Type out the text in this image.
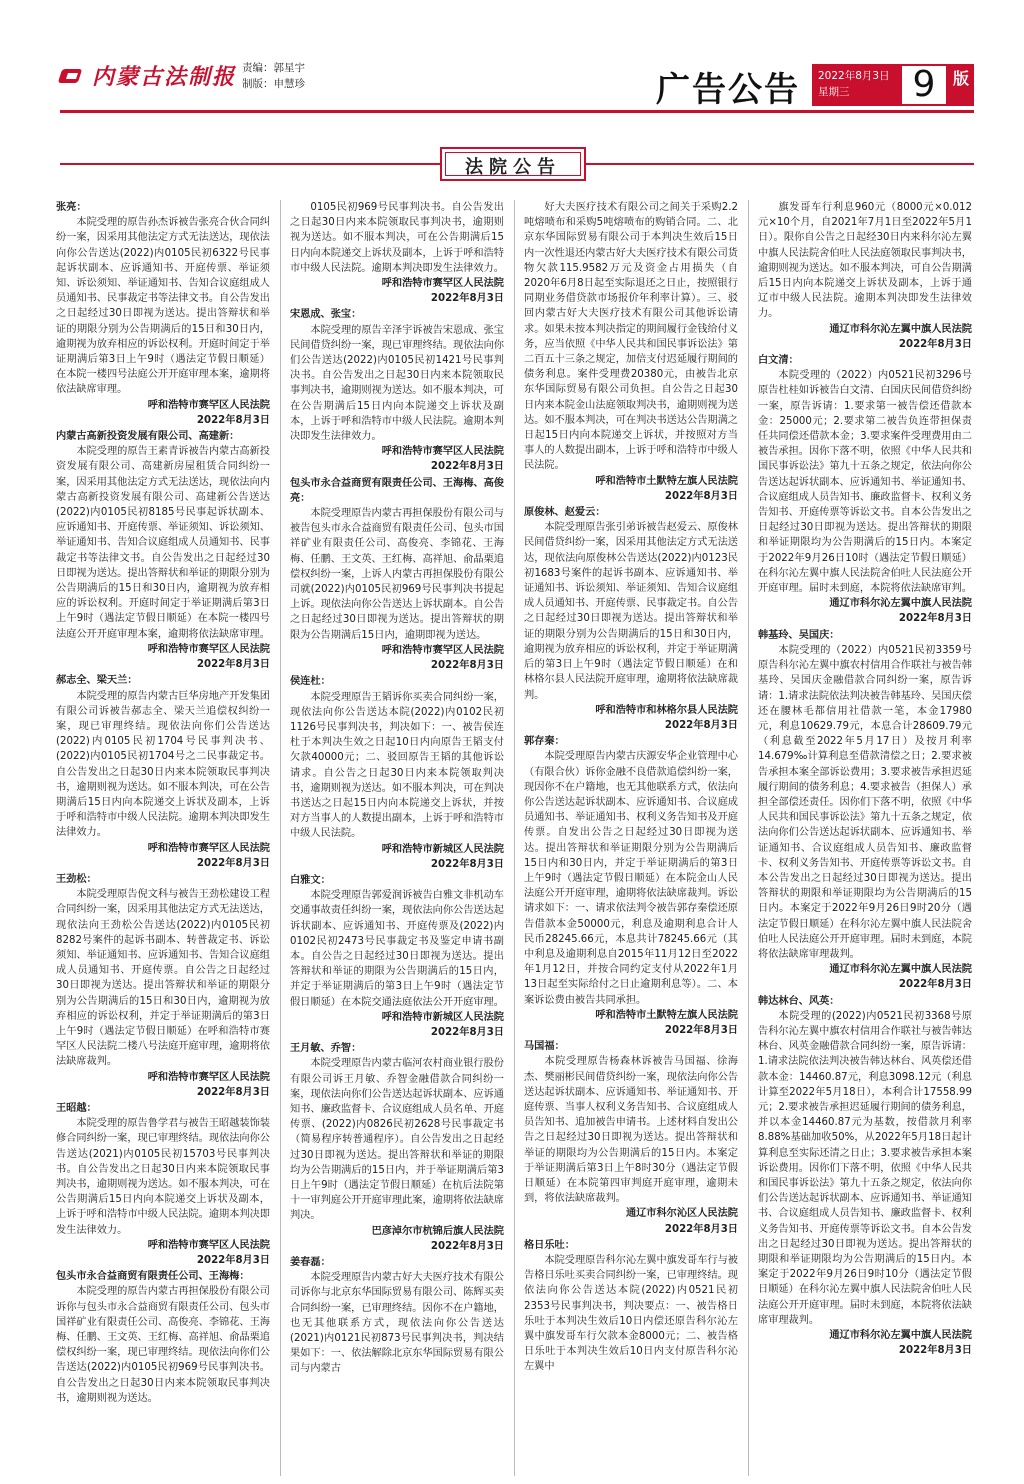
内蒙古法制报 责编：郭星宇
制版：申慧珍	广告公告 2022年8月3日
星期三	9	版
法院公告
张亮：
本院受理的原告孙杰诉被告张亮合伙合同纠纷一案，因采用其他法定方式无法送达，现依法向你公告送达(2022)内0105民初6322号民事起诉状副本、应诉通知书、开庭传票、举证须知、诉讼须知、举证通知书、告知合议庭组成人员通知书、民事裁定书等法律文书。自公告发出之日起经过30日即视为送达。提出答辩状和举证的期限分别为公告期满后的15日和30日内，逾期视为放弃相应的诉讼权利。开庭时间定于举证期满后第3日上午9时（遇法定节假日顺延）在本院一楼四号法庭公开开庭审理本案，逾期将依法缺席审理。
呼和浩特市赛罕区人民法院
2022年8月3日
内蒙古高新投资发展有限公司、高建新：
本院受理的原告王素青诉被告内蒙古高新投资发展有限公司、高建新房屋租赁合同纠纷一案，因采用其他法定方式无法送达，现依法向内蒙古高新投资发展有限公司、高建新公告送达(2022)内0105民初8185号民事起诉状副本、应诉通知书、开庭传票、举证须知、诉讼须知、举证通知书、告知合议庭组成人员通知书、民事裁定书等法律文书。自公告发出之日起经过30日即视为送达。提出答辩状和举证的期限分别为公告期满后的15日和30日内，逾期视为放弃相应的诉讼权利。开庭时间定于举证期满后第3日上午9时（遇法定节假日顺延）在本院一楼四号法庭公开开庭审理本案，逾期将依法缺席审理。
呼和浩特市赛罕区人民法院
2022年8月3日
郝志全、梁天兰：
本院受理的原告内蒙古巨华房地产开发集团有限公司诉被告郝志全、梁天兰追偿权纠纷一案，现已审理终结。现依法向你们公告送达(2022)内0105民初1704号民事判决书、(2022)内0105民初1704号之二民事裁定书。自公告发出之日起30日内来本院领取民事判决书，逾期则视为送达。如不服本判决，可在公告期满后15日内向本院递交上诉状及副本，上诉于呼和浩特市中级人民法院。逾期本判决即发生法律效力。
呼和浩特市赛罕区人民法院
2022年8月3日
王劲松：
本院受理原告倪文科与被告王劲松建设工程合同纠纷一案，因采用其他法定方式无法送达，现依法向王劲松公告送达(2022)内0105民初8282号案件的起诉书副本、转普裁定书、诉讼须知、举证通知书、应诉通知书、告知合议庭组成人员通知书、开庭传票。自公告之日起经过30日即视为送达。提出答辩状和举证的期限分别为公告期满后的15日和30日内，逾期视为放弃相应的诉讼权利，并定于举证期满后的第3日上午9时（遇法定节假日顺延）在呼和浩特市赛罕区人民法院二楼八号法庭开庭审理，逾期将依法缺席裁判。
呼和浩特市赛罕区人民法院
2022年8月3日
王昭越：
本院受理的原告鲁学君与被告王昭越装饰装修合同纠纷一案，现已审理终结。现依法向你公告送达(2021)内0105民初15703号民事判决书。自公告发出之日起30日内来本院领取民事判决书，逾期则视为送达。如不服本判决，可在公告期满后15日内向本院递交上诉状及副本，上诉于呼和浩特市中级人民法院。逾期本判决即发生法律效力。
呼和浩特市赛罕区人民法院
2022年8月3日
包头市永合益商贸有限责任公司、王海梅：
本院受理的原告内蒙古再担保股份有限公司诉你与包头市永合益商贸有限责任公司、包头市国祥矿业有限责任公司、高俊亮、李锦花、王海梅、任鹏、王文英、王红梅、高祥旭、俞晶栗追偿权纠纷一案，现已审理终结。现依法向你们公告送达(2022)内0105民初969号民事判决书。自公告发出之日起30日内来本院领取民事判决书，逾期则视为送达。
0105民初969号民事判决书。自公告发出之日起30日内来本院领取民事判决书，逾期则视为送达。如不服本判决，可在公告期满后15日内向本院递交上诉状及副本，上诉于呼和浩特市中级人民法院。逾期本判决即发生法律效力。
呼和浩特市赛罕区人民法院
2022年8月3日
宋恩成、张宝：
本院受理的原告辛泽宇诉被告宋恩成、张宝民间借贷纠纷一案，现已审理终结。现依法向你们公告送达(2022)内0105民初1421号民事判决书。自公告发出之日起30日内来本院领取民事判决书，逾期则视为送达。如不服本判决，可在公告期满后15日内向本院递交上诉状及副本，上诉于呼和浩特市中级人民法院。逾期本判决即发生法律效力。
呼和浩特市赛罕区人民法院
2022年8月3日
包头市永合益商贸有限责任公司、王海梅、高俊亮：
本院受理原告内蒙古再担保股份有限公司与被告包头市永合益商贸有限责任公司、包头市国祥矿业有限责任公司、高俊亮、李锦花、王海梅、任鹏、王文英、王红梅、高祥旭、俞晶栗追偿权纠纷一案，上诉人内蒙古再担保股份有限公司就(2022)内0105民初969号民事判决书提起上诉。现依法向你公告送达上诉状副本。自公告之日起经过30日即视为送达。提出答辩状的期限为公告期满后15日内，逾期即视为送达。
呼和浩特市赛罕区人民法院
2022年8月3日
侯连杜：
本院受理原告王韬诉你买卖合同纠纷一案，现依法向你公告送达本院(2022)内0102民初1126号民事判决书，判决如下：一、被告侯连杜于本判决生效之日起10日内向原告王韬支付欠款40000元；二、驳回原告王韬的其他诉讼请求。自公告之日起30日内来本院领取判决书，逾期则视为送达。如不服本判决，可在判决书送达之日起15日内向本院递交上诉状，并按对方当事人的人数提出副本，上诉于呼和浩特市中级人民法院。
呼和浩特市新城区人民法院
2022年8月3日
白雅文：
本院受理原告郭爱润诉被告白雅文非机动车交通事故责任纠纷一案，现依法向你公告送达起诉状副本、应诉通知书、开庭传票及(2022)内0102民初2473号民事裁定书及鉴定申请书副本。自公告之日起经过30日即视为送达。提出答辩状和举证的期限为公告期满后的15日内，并定于举证期满后的第3日上午9时（遇法定节假日顺延）在本院交通法庭依法公开开庭审理。
呼和浩特市新城区人民法院
2022年8月3日
王月敏、乔智：
本院受理原告内蒙古临河农村商业银行股份有限公司诉王月敏、乔智金融借款合同纠纷一案，现依法向你们公告送达起诉状副本、应诉通知书、廉政监督卡、合议庭组成人员名单、开庭传票、(2022)内0826民初2628号民事裁定书（简易程序转普通程序）。自公告发出之日起经过30日即视为送达。提出答辩状和举证的期限均为公告期满后的15日内，并于举证期满后第3日上午9时（遇法定节假日顺延）在杭后法院第十一审判庭公开开庭审理此案，逾期将依法缺席判决。
巴彦淖尔市杭锦后旗人民法院
2022年8月3日
姜春磊：
本院受理原告内蒙古好大夫医疗技术有限公司诉你与北京东华国际贸易有限公司、陈辉买卖合同纠纷一案，已审理终结。因你不在户籍地，也无其他联系方式，现依法向你公告送达(2021)内0121民初873号民事判决书，判决结果如下：一、依法解除北京东华国际贸易有限公司与内蒙古
好大夫医疗技术有限公司之间关于采购2.2吨熔喷布和采购5吨熔喷布的购销合同。二、北京东华国际贸易有限公司于本判决生效后15日内一次性退还内蒙古好大夫医疗技术有限公司货物欠款115.9582万元及资金占用损失（自2020年6月8日起至实际退还之日止，按照银行同期业务借贷款市场报价年利率计算）。三、驳回内蒙古好大夫医疗技术有限公司其他诉讼请求。如果未按本判决指定的期间履行金钱给付义务，应当依照《中华人民共和国民事诉讼法》第二百五十三条之规定，加倍支付迟延履行期间的债务利息。案件受理费20380元，由被告北京东华国际贸易有限公司负担。自公告之日起30日内来本院金山法庭领取判决书，逾期则视为送达。如不服本判决，可在判决书送达公告期满之日起15日内向本院递交上诉状，并按照对方当事人的人数提出副本，上诉于呼和浩特市中级人民法院。
呼和浩特市土默特左旗人民法院
2022年8月3日
原俊林、赵爱云：
本院受理原告张引弟诉被告赵爱云、原俊林民间借贷纠纷一案，因采用其他法定方式无法送达，现依法向原俊林公告送达(2022)内0123民初1683号案件的起诉书副本、应诉通知书、举证通知书、诉讼须知、举证须知、告知合议庭组成人员通知书、开庭传票、民事裁定书。自公告之日起经过30日即视为送达。提出答辩状和举证的期限分别为公告期满后的15日和30日内，逾期视为放弃相应的诉讼权利，并定于举证期满后的第3日上午9时（遇法定节假日顺延）在和林格尔县人民法院开庭审理，逾期将依法缺席裁判。
呼和浩特市和林格尔县人民法院
2022年8月3日
郭存秦：
本院受理原告内蒙古庆源安华企业管理中心（有限合伙）诉你金融不良借款追偿纠纷一案，现因你不在户籍地，也无其他联系方式，依法向你公告送达起诉状副本、应诉通知书、合议庭成员通知书、举证通知书、权利义务告知书及开庭传票。自发出公告之日起经过30日即视为送达。提出答辩状和举证期限分别为公告期满后15日内和30日内，并定于举证期满后的第3日上午9时（遇法定节假日顺延）在本院金山人民法庭公开开庭审理，逾期将依法缺席裁判。诉讼请求如下：一、请求依法判令被告郭存秦偿还原告借款本金50000元，利息及逾期利息合计人民币28245.66元，本息共计78245.66元（其中利息及逾期利息自2015年11月12日至2022年1月12日，并按合同约定支付从2022年1月13日起至实际给付之日止逾期利息等）。二、本案诉讼费由被告共同承担。
呼和浩特市土默特左旗人民法院
2022年8月3日
马国福：
本院受理原告杨森林诉被告马国福、徐海杰、樊丽彬民间借贷纠纷一案，现依法向你公告送达起诉状副本、应诉通知书、举证通知书、开庭传票、当事人权利义务告知书、合议庭组成人员告知书、追加被告申请书。上述材料自发出公告之日起经过30日即视为送达。提出答辩状和举证的期限均为公告期满后的15日内。本案定于举证期满后第3日上午8时30分（遇法定节假日顺延）在本院第四审判庭开庭审理，逾期未到，将依法缺席裁判。
通辽市科尔沁区人民法院
2022年8月3日
格日乐吐：
本院受理原告科尔沁左翼中旗发哥车行与被告格日乐吐买卖合同纠纷一案，已审理终结。现依法向你公告送达本院(2022)内0521民初2353号民事判决书，判决要点：一、被告格日乐吐于本判决生效后10日内偿还原告科尔沁左翼中旗发哥车行欠款本金8000元；二、被告格日乐吐于本判决生效后10日内支付原告科尔沁左翼中
旗发哥车行利息960元（8000元×0.012元×10个月，自2021年7月1日至2022年5月1日）。限你自公告之日起经30日内来科尔沁左翼中旗人民法院舍伯吐人民法庭领取民事判决书，逾期则视为送达。如不服本判决，可自公告期满后15日内向本院递交上诉状及副本，上诉于通辽市中级人民法院。逾期本判决即发生法律效力。
通辽市科尔沁左翼中旗人民法院
2022年8月3日
白文清：
本院受理的（2022）内0521民初3296号原告杜桂如诉被告白文清、白国庆民间借贷纠纷一案，原告诉请：1.要求第一被告偿还借款本金：25000元；2.要求第二被告负连带担保责任共同偿还借款本金；3.要求案件受理费用由二被告承担。因你下落不明，依照《中华人民共和国民事诉讼法》第九十五条之规定，依法向你公告送达起诉状副本、应诉通知书、举证通知书、合议庭组成人员告知书、廉政监督卡、权利义务告知书、开庭传票等诉讼文书。自本公告发出之日起经过30日即视为送达。提出答辩状的期限和举证期限均为公告期满后的15日内。本案定于2022年9月26日10时（遇法定节假日顺延）在科尔沁左翼中旗人民法院舍伯吐人民法庭公开开庭审理。届时未到庭，本院将依法缺席审判。
通辽市科尔沁左翼中旗人民法院
2022年8月3日
韩基玲、吴国庆：
本院受理的（2022）内0521民初3359号原告科尔沁左翼中旗农村信用合作联社与被告韩基玲、吴国庆金融借款合同纠纷一案，原告诉请：1.请求法院依法判决被告韩基玲、吴国庆偿还在腰林毛都信用社借款一笔，本金17980元，利息10629.79元，本息合计28609.79元（利息截至2022年5月17日）及按月利率14.679‰计算利息至借款清偿之日；2.要求被告承担本案全部诉讼费用；3.要求被告承担迟延履行期间的债务利息；4.要求被告（担保人）承担全部偿还责任。因你们下落不明，依照《中华人民共和国民事诉讼法》第九十五条之规定，依法向你们公告送达起诉状副本、应诉通知书、举证通知书、合议庭组成人员告知书、廉政监督卡、权利义务告知书、开庭传票等诉讼文书。自本公告发出之日起经过30日即视为送达。提出答辩状的期限和举证期限均为公告期满后的15日内。本案定于2022年9月26日9时20分（遇法定节假日顺延）在科尔沁左翼中旗人民法院舍伯吐人民法庭公开开庭审理。届时未到庭，本院将依法缺席审理裁判。
通辽市科尔沁左翼中旗人民法院
2022年8月3日
韩达林台、风英：
本院受理的(2022)内0521民初3368号原告科尔沁左翼中旗农村信用合作联社与被告韩达林台、风英金融借款合同纠纷一案，原告诉请：1.请求法院依法判决被告韩达林台、风英偿还借款本金：14460.87元，利息3098.12元（利息计算至2022年5月18日），本利合计17558.99元；2.要求被告承担迟延履行期间的债务利息，并以本金14460.87元为基数，按借款月利率8.88%基础加收50%，从2022年5月18日起计算利息至实际还清之日止；3.要求被告承担本案诉讼费用。因你们下落不明，依照《中华人民共和国民事诉讼法》第九十五条之规定，依法向你们公告送达起诉状副本、应诉通知书、举证通知书、合议庭组成人员告知书、廉政监督卡、权利义务告知书、开庭传票等诉讼文书。自本公告发出之日起经过30日即视为送达。提出答辩状的期限和举证期限均为公告期满后的15日内。本案定于2022年9月26日9时10分（遇法定节假日顺延）在科尔沁左翼中旗人民法院舍伯吐人民法庭公开开庭审理。届时未到庭，本院将依法缺席审理裁判。
通辽市科尔沁左翼中旗人民法院
2022年8月3日
